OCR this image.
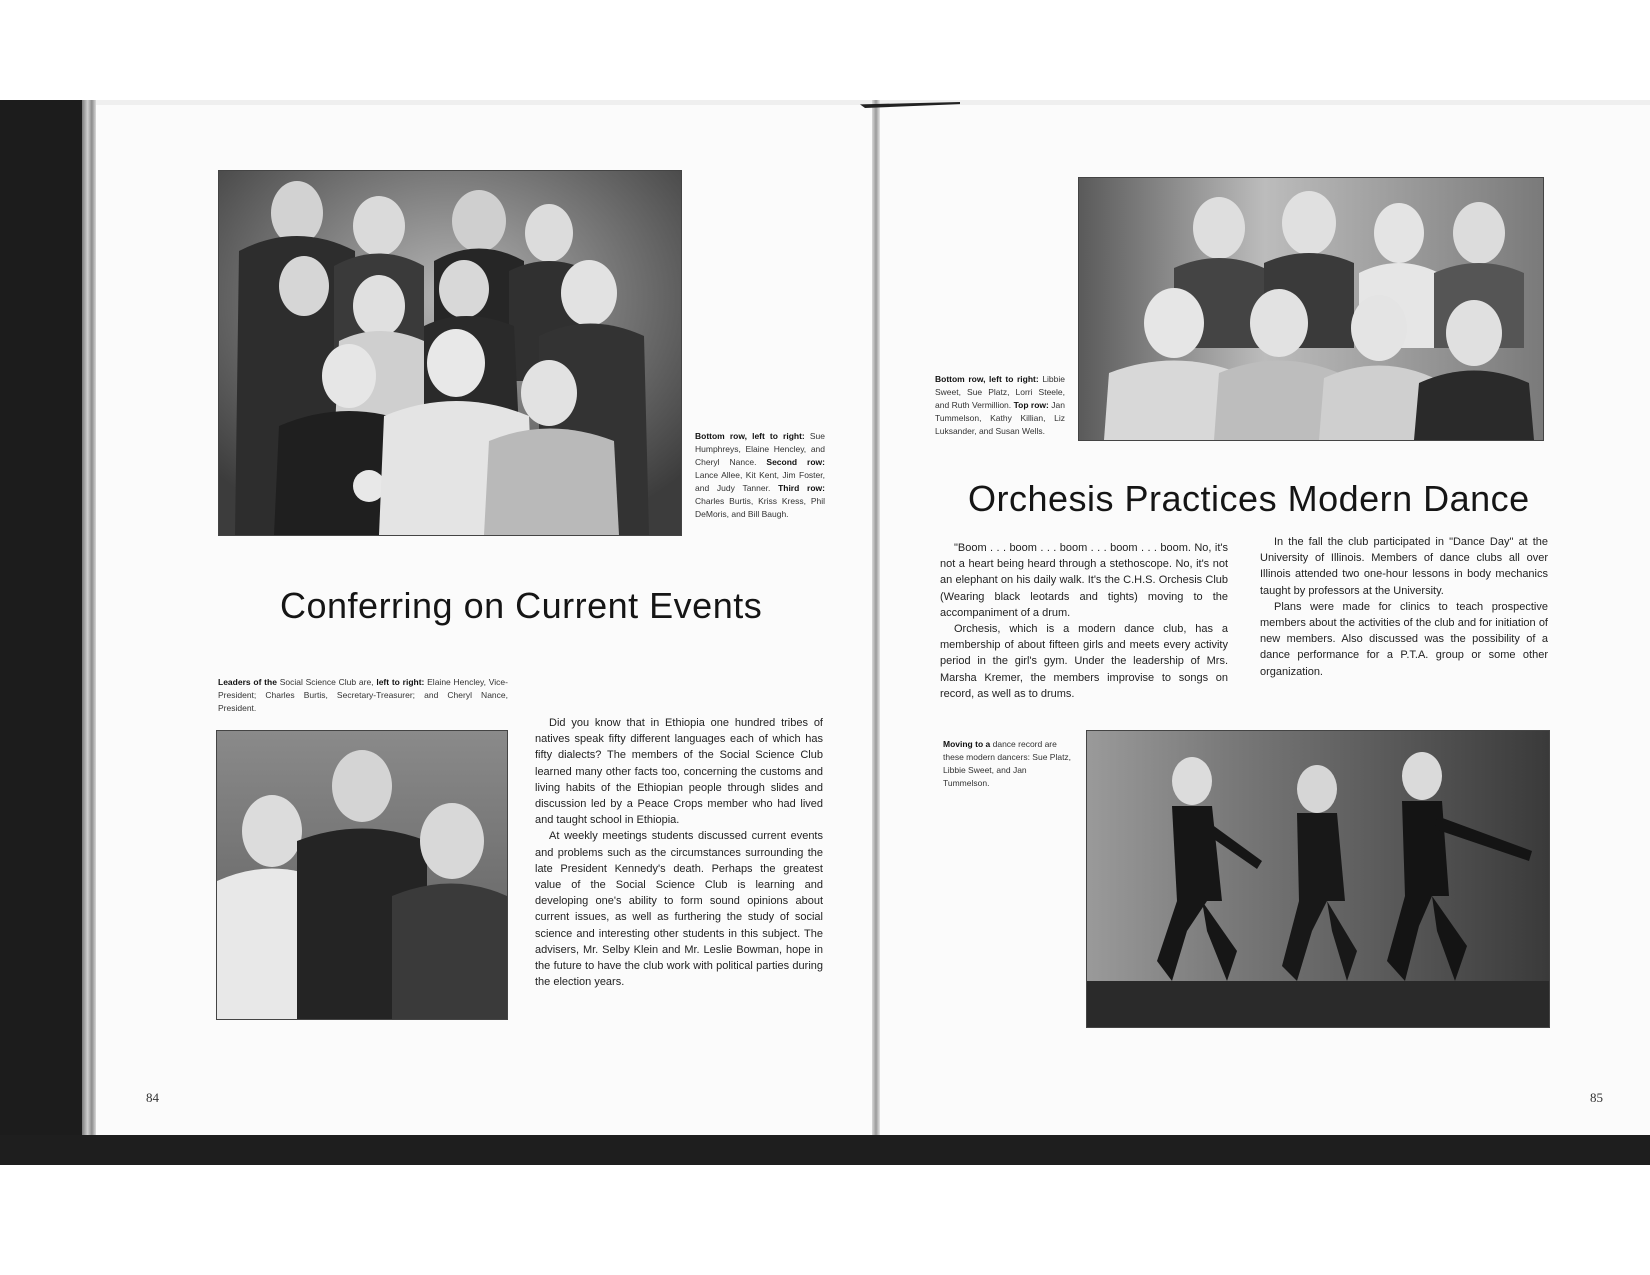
Bottom row, left to right: Sue Humphreys, Elaine Hencley, and Cheryl Nance. Second row: Lance Allee, Kit Kent, Jim Foster, and Judy Tanner. Third row: Charles Burtis, Kriss Kress, Phil DeMoris, and Bill Baugh.
Conferring on Current Events
Leaders of the Social Science Club are, left to right: Elaine Hencley, Vice-President; Charles Burtis, Secretary-Treasurer; and Cheryl Nance, President.

Did you know that in Ethiopia one hundred tribes of natives speak fifty different languages each of which has fifty dialects? The members of the Social Science Club learned many other facts too, concerning the customs and living habits of the Ethiopian people through slides and discussion led by a Peace Crops member who had lived and taught school in Ethiopia.

At weekly meetings students discussed current events and problems such as the circumstances surrounding the late President Kennedy's death. Perhaps the greatest value of the Social Science Club is learning and developing one's ability to form sound opinions about current issues, as well as furthering the study of social science and interesting other students in this subject. The advisers, Mr. Selby Klein and Mr. Leslie Bowman, hope in the future to have the club work with political parties during the election years.

84
Bottom row, left to right: Libbie Sweet, Sue Platz, Lorri Steele, and Ruth Vermillion. Top row: Jan Tummelson, Kathy Killian, Liz Luksander, and Susan Wells.
Orchesis Practices Modern Dance

"Boom . . . boom . . . boom . . . boom . . . boom. No, it's not a heart being heard through a stethoscope. No, it's not an elephant on his daily walk. It's the C.H.S. Orchesis Club (Wearing black leotards and tights) moving to the accompaniment of a drum.

Orchesis, which is a modern dance club, has a membership of about fifteen girls and meets every activity period in the girl's gym. Under the leadership of Mrs. Marsha Kremer, the members improvise to songs on record, as well as to drums.

In the fall the club participated in "Dance Day" at the University of Illinois. Members of dance clubs all over Illinois attended two one-hour lessons in body mechanics taught by professors at the University.

Plans were made for clinics to teach prospective members about the activities of the club and for initiation of new members. Also discussed was the possibility of a dance performance for a P.T.A. group or some other organization.

Moving to a dance record are these modern dancers: Sue Platz, Libbie Sweet, and Jan Tummelson.
85
